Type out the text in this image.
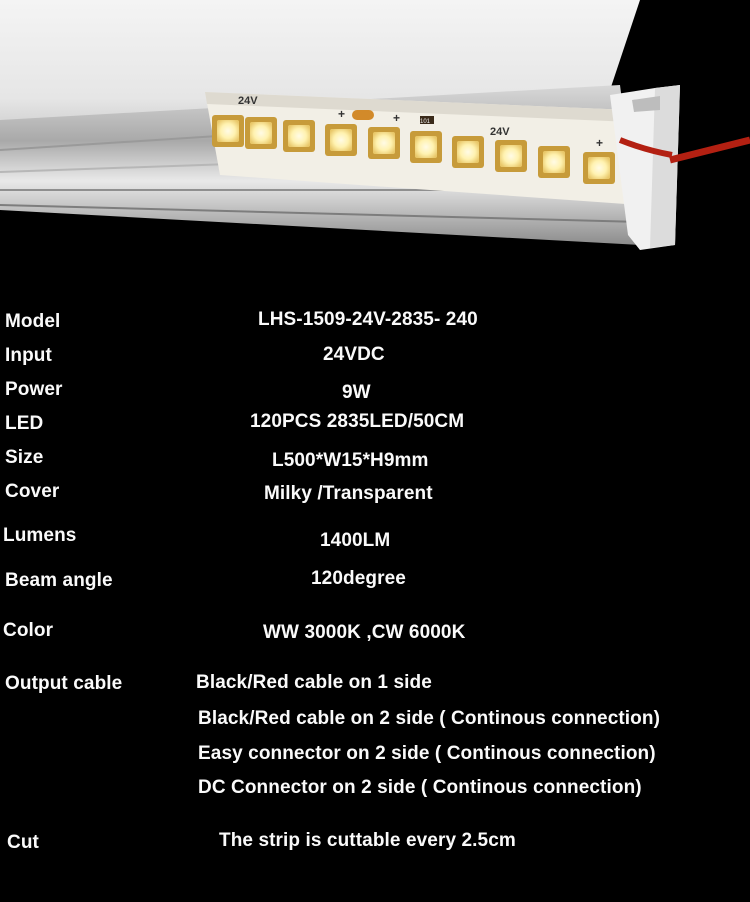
24V
+	+
24V
+
101
Model	LHS-1509-24V-2835- 240
Input	24VDC
Power	9W
LED	120PCS 2835LED/50CM
Size	L500*W15*H9mm
Cover	Milky /Transparent
Lumens	1400LM
Beam angle	120degree
Color	WW 3000K ,CW 6000K
Output cable	Black/Red cable on 1 side
Black/Red cable on 2 side ( Continous connection)
Easy connector on 2 side ( Continous connection)
DC Connector on 2 side ( Continous connection)
Cut	The strip is cuttable every 2.5cm
